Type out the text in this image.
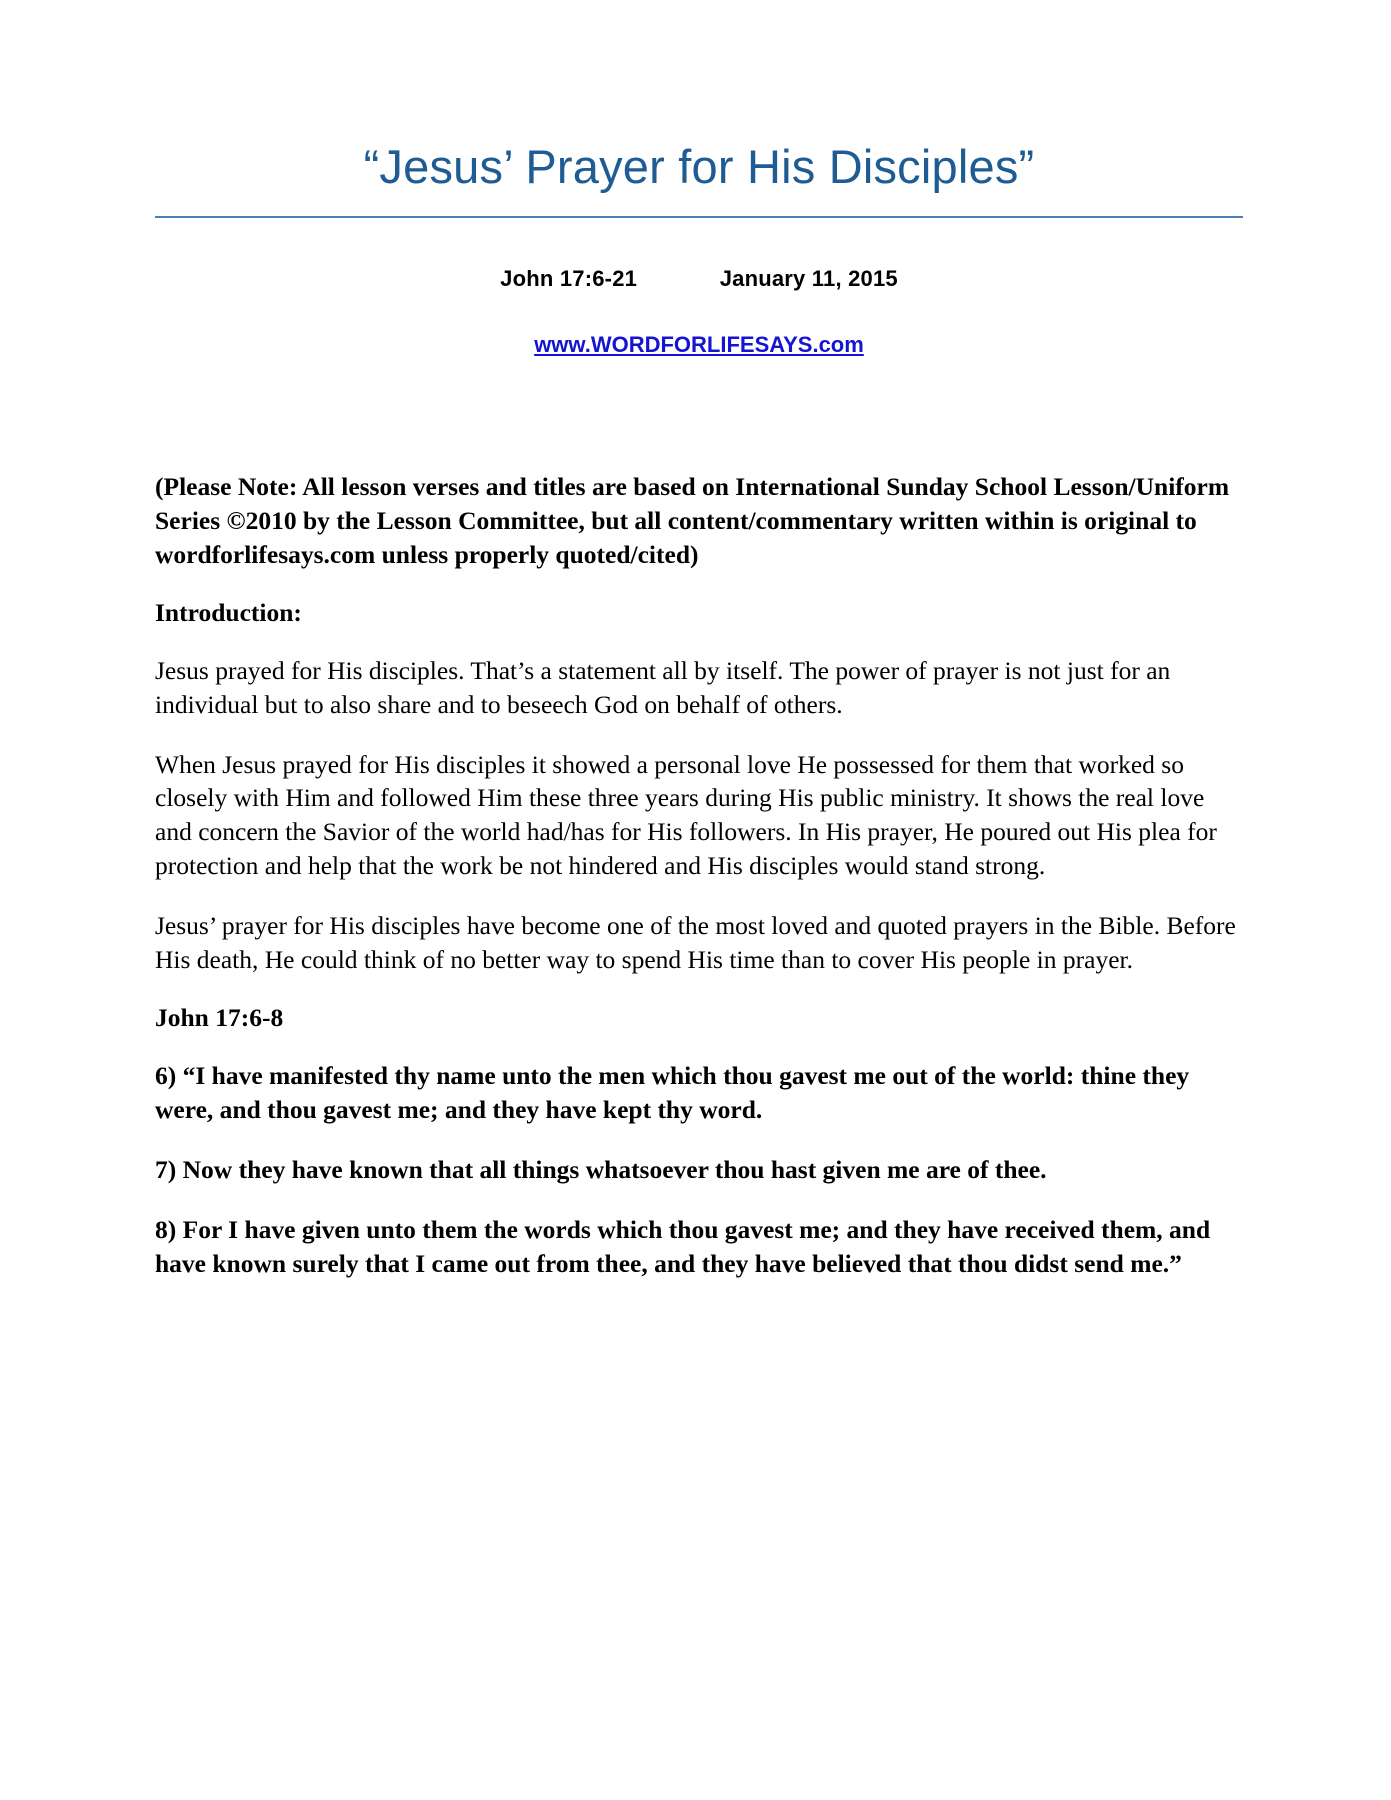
“Jesus’ Prayer for His Disciples”
John 17:6-21	January 11, 2015
www.WORDFORLIFESAYS.com

(Please Note: All lesson verses and titles are based on International Sunday School Lesson/Uniform Series ©2010 by the Lesson Committee, but all content/commentary written within is original to wordforlifesays.com unless properly quoted/cited)

Introduction:

Jesus prayed for His disciples. That’s a statement all by itself. The power of prayer is not just for an individual but to also share and to beseech God on behalf of others.

When Jesus prayed for His disciples it showed a personal love He possessed for them that worked so closely with Him and followed Him these three years during His public ministry. It shows the real love and concern the Savior of the world had/has for His followers. In His prayer, He poured out His plea for protection and help that the work be not hindered and His disciples would stand strong.

Jesus’ prayer for His disciples have become one of the most loved and quoted prayers in the Bible. Before His death, He could think of no better way to spend His time than to cover His people in prayer.

John 17:6-8

6) “I have manifested thy name unto the men which thou gavest me out of the world: thine they were, and thou gavest me; and they have kept thy word.

7) Now they have known that all things whatsoever thou hast given me are of thee.

8) For I have given unto them the words which thou gavest me; and they have received them, and have known surely that I came out from thee, and they have believed that thou didst send me.”
